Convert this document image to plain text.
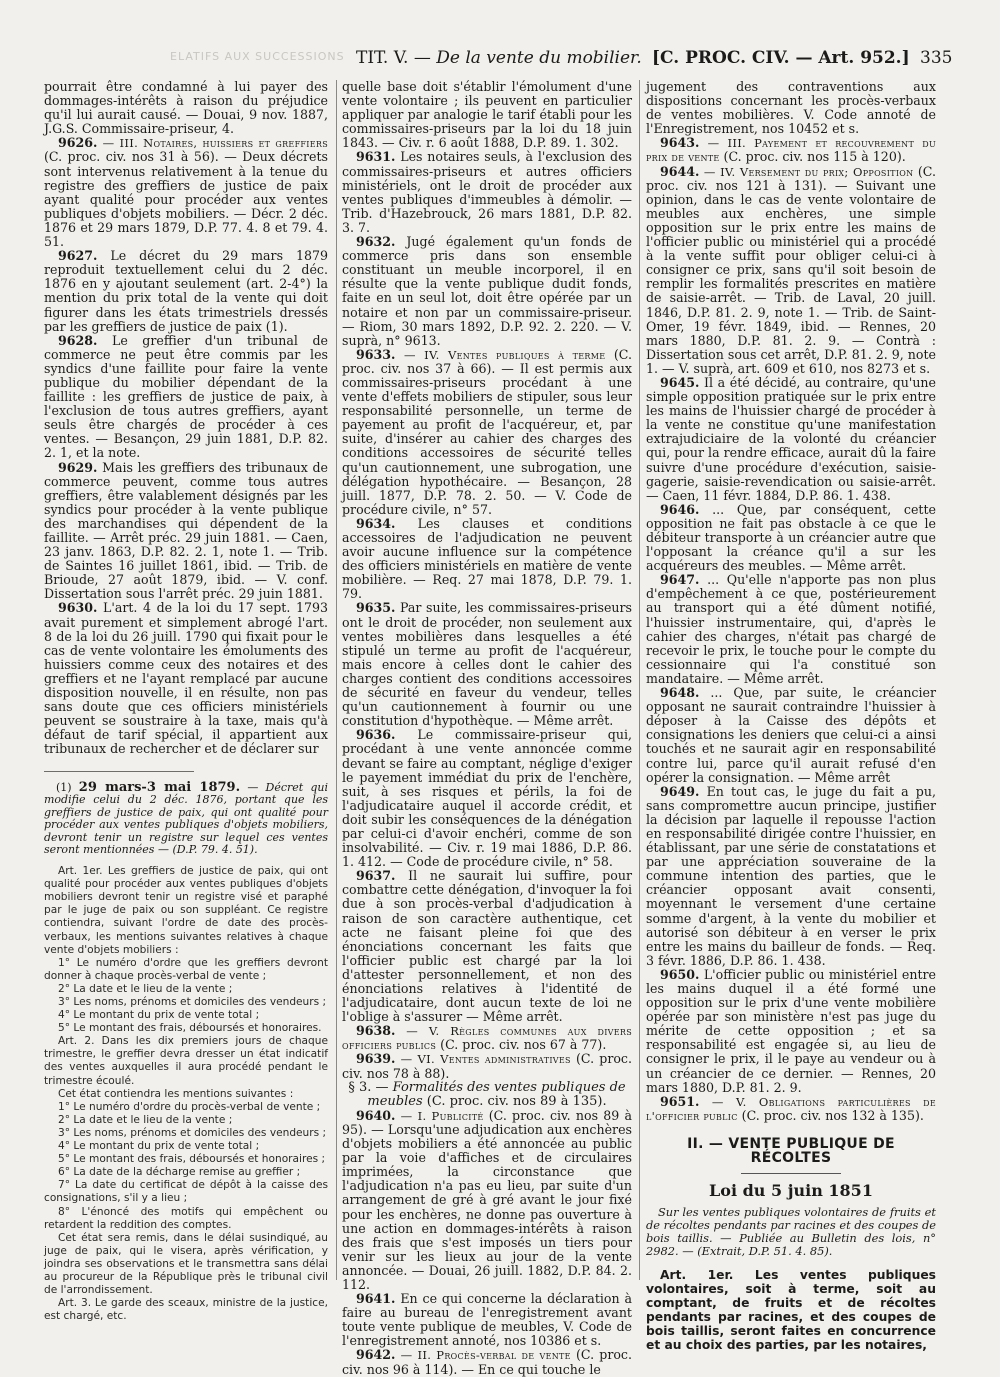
ELATIFS AUX SUCCESSIONS TIT. V. — De la vente du mobilier. [C. PROC. CIV. — Art. 952.] 335

pourrait être condamné à lui payer des dommages-intérêts à raison du préjudice qu'il lui aurait causé. — Douai, 9 nov. 1887, J.G.S. Commissaire-priseur, 4.

9626. — III. Notaires, huissiers et greffiers (C. proc. civ. nos 31 à 56). — Deux décrets sont intervenus relativement à la tenue du registre des greffiers de justice de paix ayant qualité pour procéder aux ventes publiques d'objets mobiliers. — Décr. 2 déc. 1876 et 29 mars 1879, D.P. 77. 4. 8 et 79. 4. 51.

9627. Le décret du 29 mars 1879 reproduit textuellement celui du 2 déc. 1876 en y ajoutant seulement (art. 2-4°) la mention du prix total de la vente qui doit figurer dans les états trimestriels dressés par les greffiers de justice de paix (1).

9628. Le greffier d'un tribunal de commerce ne peut être commis par les syndics d'une faillite pour faire la vente publique du mobilier dépendant de la faillite : les greffiers de justice de paix, à l'exclusion de tous autres greffiers, ayant seuls être chargés de procéder à ces ventes. — Besançon, 29 juin 1881, D.P. 82. 2. 1, et la note.

9629. Mais les greffiers des tribunaux de commerce peuvent, comme tous autres greffiers, être valablement désignés par les syndics pour procéder à la vente publique des marchandises qui dépendent de la faillite. — Arrêt préc. 29 juin 1881. — Caen, 23 janv. 1863, D.P. 82. 2. 1, note 1. — Trib. de Saintes 16 juillet 1861, ibid. — Trib. de Brioude, 27 août 1879, ibid. — V. conf. Dissertation sous l'arrêt préc. 29 juin 1881.

9630. L'art. 4 de la loi du 17 sept. 1793 avait purement et simplement abrogé l'art. 8 de la loi du 26 juill. 1790 qui fixait pour le cas de vente volontaire les émoluments des huissiers comme ceux des notaires et des greffiers et ne l'ayant remplacé par aucune disposition nouvelle, il en résulte, non pas sans doute que ces officiers ministériels peuvent se soustraire à la taxe, mais qu'à défaut de tarif spécial, il appartient aux tribunaux de rechercher et de déclarer sur

(1) 29 mars-3 mai 1879. — Décret qui modifie celui du 2 déc. 1876, portant que les greffiers de justice de paix, qui ont qualité pour procéder aux ventes publiques d'objets mobiliers, devront tenir un registre sur lequel ces ventes seront mentionnées — (D.P. 79. 4. 51).

Art. 1er. Les greffiers de justice de paix, qui ont qualité pour procéder aux ventes publiques d'objets mobiliers devront tenir un registre visé et paraphé par le juge de paix ou son suppléant. Ce registre contiendra, suivant l'ordre de date des procès-verbaux, les mentions suivantes relatives à chaque vente d'objets mobiliers :

1° Le numéro d'ordre que les greffiers devront donner à chaque procès-verbal de vente ;

2° La date et le lieu de la vente ;

3° Les noms, prénoms et domiciles des vendeurs ;

4° Le montant du prix de vente total ;

5° Le montant des frais, déboursés et honoraires.

Art. 2. Dans les dix premiers jours de chaque trimestre, le greffier devra dresser un état indicatif des ventes auxquelles il aura procédé pendant le trimestre écoulé.

Cet état contiendra les mentions suivantes :

1° Le numéro d'ordre du procès-verbal de vente ;

2° La date et le lieu de la vente ;

3° Les noms, prénoms et domiciles des vendeurs ;

4° Le montant du prix de vente total ;

5° Le montant des frais, déboursés et honoraires ;

6° La date de la décharge remise au greffier ;

7° La date du certificat de dépôt à la caisse des consignations, s'il y a lieu ;

8° L'énoncé des motifs qui empêchent ou retardent la reddition des comptes.

Cet état sera remis, dans le délai susindiqué, au juge de paix, qui le visera, après vérification, y joindra ses observations et le transmettra sans délai au procureur de la République près le tribunal civil de l'arrondissement.

Art. 3. Le garde des sceaux, ministre de la justice, est chargé, etc.

quelle base doit s'établir l'émolument d'une vente volontaire ; ils peuvent en particulier appliquer par analogie le tarif établi pour les commissaires-priseurs par la loi du 18 juin 1843. — Civ. r. 6 août 1888, D.P. 89. 1. 302.

9631. Les notaires seuls, à l'exclusion des commissaires-priseurs et autres officiers ministériels, ont le droit de procéder aux ventes publiques d'immeubles à démolir. — Trib. d'Hazebrouck, 26 mars 1881, D.P. 82. 3. 7.

9632. Jugé également qu'un fonds de commerce pris dans son ensemble constituant un meuble incorporel, il en résulte que la vente publique dudit fonds, faite en un seul lot, doit être opérée par un notaire et non par un commissaire-priseur. — Riom, 30 mars 1892, D.P. 92. 2. 220. — V. suprà, n° 9613.

9633. — IV. Ventes publiques à terme (C. proc. civ. nos 37 à 66). — Il est permis aux commissaires-priseurs procédant à une vente d'effets mobiliers de stipuler, sous leur responsabilité personnelle, un terme de payement au profit de l'acquéreur, et, par suite, d'insérer au cahier des charges des conditions accessoires de sécurité telles qu'un cautionnement, une subrogation, une délégation hypothécaire. — Besançon, 28 juill. 1877, D.P. 78. 2. 50. — V. Code de procédure civile, n° 57.

9634. Les clauses et conditions accessoires de l'adjudication ne peuvent avoir aucune influence sur la compétence des officiers ministériels en matière de vente mobilière. — Req. 27 mai 1878, D.P. 79. 1. 79.

9635. Par suite, les commissaires-priseurs ont le droit de procéder, non seulement aux ventes mobilières dans lesquelles a été stipulé un terme au profit de l'acquéreur, mais encore à celles dont le cahier des charges contient des conditions accessoires de sécurité en faveur du vendeur, telles qu'un cautionnement à fournir ou une constitution d'hypothèque. — Même arrêt.

9636. Le commissaire-priseur qui, procédant à une vente annoncée comme devant se faire au comptant, néglige d'exiger le payement immédiat du prix de l'enchère, suit, à ses risques et périls, la foi de l'adjudicataire auquel il accorde crédit, et doit subir les conséquences de la dénégation par celui-ci d'avoir enchéri, comme de son insolvabilité. — Civ. r. 19 mai 1886, D.P. 86. 1. 412. — Code de procédure civile, n° 58.

9637. Il ne saurait lui suffire, pour combattre cette dénégation, d'invoquer la foi due à son procès-verbal d'adjudication à raison de son caractère authentique, cet acte ne faisant pleine foi que des énonciations concernant les faits que l'officier public est chargé par la loi d'attester personnellement, et non des énonciations relatives à l'identité de l'adjudicataire, dont aucun texte de loi ne l'oblige à s'assurer — Même arrêt.

9638. — V. Règles communes aux divers officiers publics (C. proc. civ. nos 67 à 77).

9639. — VI. Ventes administratives (C. proc. civ. nos 78 à 88).

§ 3. — Formalités des ventes publiques de meubles (C. proc. civ. nos 89 à 135).

9640. — I. Publicité (C. proc. civ. nos 89 à 95). — Lorsqu'une adjudication aux enchères d'objets mobiliers a été annoncée au public par la voie d'affiches et de circulaires imprimées, la circonstance que l'adjudication n'a pas eu lieu, par suite d'un arrangement de gré à gré avant le jour fixé pour les enchères, ne donne pas ouverture à une action en dommages-intérêts à raison des frais que s'est imposés un tiers pour venir sur les lieux au jour de la vente annoncée. — Douai, 26 juill. 1882, D.P. 84. 2. 112.

9641. En ce qui concerne la déclaration à faire au bureau de l'enregistrement avant toute vente publique de meubles, V. Code de l'enregistrement annoté, nos 10386 et s.

9642. — II. Procès-verbal de vente (C. proc. civ. nos 96 à 114). — En ce qui touche le

jugement des contraventions aux dispositions concernant les procès-verbaux de ventes mobilières. V. Code annoté de l'Enregistrement, nos 10452 et s.

9643. — III. Payement et recouvrement du prix de vente (C. proc. civ. nos 115 à 120).

9644. — IV. Versement du prix; Opposition (C. proc. civ. nos 121 à 131). — Suivant une opinion, dans le cas de vente volontaire de meubles aux enchères, une simple opposition sur le prix entre les mains de l'officier public ou ministériel qui a procédé à la vente suffit pour obliger celui-ci à consigner ce prix, sans qu'il soit besoin de remplir les formalités prescrites en matière de saisie-arrêt. — Trib. de Laval, 20 juill. 1846, D.P. 81. 2. 9, note 1. — Trib. de Saint-Omer, 19 févr. 1849, ibid. — Rennes, 20 mars 1880, D.P. 81. 2. 9. — Contrà : Dissertation sous cet arrêt, D.P. 81. 2. 9, note 1. — V. suprà, art. 609 et 610, nos 8273 et s.

9645. Il a été décidé, au contraire, qu'une simple opposition pratiquée sur le prix entre les mains de l'huissier chargé de procéder à la vente ne constitue qu'une manifestation extrajudiciaire de la volonté du créancier qui, pour la rendre efficace, aurait dû la faire suivre d'une procédure d'exécution, saisie-gagerie, saisie-revendication ou saisie-arrêt. — Caen, 11 févr. 1884, D.P. 86. 1. 438.

9646. ... Que, par conséquent, cette opposition ne fait pas obstacle à ce que le débiteur transporte à un créancier autre que l'opposant la créance qu'il a sur les acquéreurs des meubles. — Même arrêt.

9647. ... Qu'elle n'apporte pas non plus d'empêchement à ce que, postérieurement au transport qui a été dûment notifié, l'huissier instrumentaire, qui, d'après le cahier des charges, n'était pas chargé de recevoir le prix, le touche pour le compte du cessionnaire qui l'a constitué son mandataire. — Même arrêt.

9648. ... Que, par suite, le créancier opposant ne saurait contraindre l'huissier à déposer à la Caisse des dépôts et consignations les deniers que celui-ci a ainsi touchés et ne saurait agir en responsabilité contre lui, parce qu'il aurait refusé d'en opérer la consignation. — Même arrêt

9649. En tout cas, le juge du fait a pu, sans compromettre aucun principe, justifier la décision par laquelle il repousse l'action en responsabilité dirigée contre l'huissier, en établissant, par une série de constatations et par une appréciation souveraine de la commune intention des parties, que le créancier opposant avait consenti, moyennant le versement d'une certaine somme d'argent, à la vente du mobilier et autorisé son débiteur à en verser le prix entre les mains du bailleur de fonds. — Req. 3 févr. 1886, D.P. 86. 1. 438.

9650. L'officier public ou ministériel entre les mains duquel il a été formé une opposition sur le prix d'une vente mobilière opérée par son ministère n'est pas juge du mérite de cette opposition ; et sa responsabilité est engagée si, au lieu de consigner le prix, il le paye au vendeur ou à un créancier de ce dernier. — Rennes, 20 mars 1880, D.P. 81. 2. 9.

9651. — V. Obligations particulières de l'officier public (C. proc. civ. nos 132 à 135).

II. — VENTE PUBLIQUE DE RÉCOLTES
Loi du 5 juin 1851

Sur les ventes publiques volontaires de fruits et de récoltes pendants par racines et des coupes de bois taillis. — Publiée au Bulletin des lois, n° 2982. — (Extrait, D.P. 51. 4. 85).

Art. 1er. Les ventes publiques volontaires, soit à terme, soit au comptant, de fruits et de récoltes pendants par racines, et des coupes de bois taillis, seront faites en concurrence et au choix des parties, par les notaires,
